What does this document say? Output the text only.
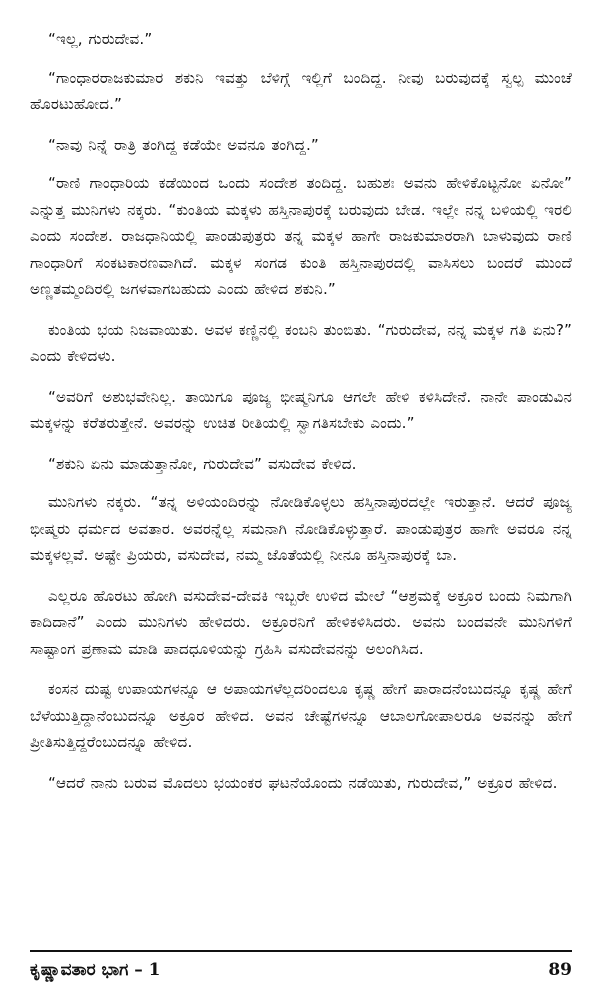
“ಇಲ್ಲ, ಗುರುದೇವ.”

“ಗಾಂಧಾರರಾಜಕುಮಾರ ಶಕುನಿ ಇವತ್ತು ಬೆಳಿಗ್ಗೆ ಇಲ್ಲಿಗೆ ಬಂದಿದ್ದ. ನೀವು ಬರುವುದಕ್ಕೆ ಸ್ವಲ್ಪ ಮುಂಚೆ ಹೊರಟುಹೋದ.”

“ನಾವು ನಿನ್ನೆ ರಾತ್ರಿ ತಂಗಿದ್ದ ಕಡೆಯೇ ಅವನೂ ತಂಗಿದ್ದ.”

“ರಾಣಿ ಗಾಂಧಾರಿಯ ಕಡೆಯಿಂದ ಒಂದು ಸಂದೇಶ ತಂದಿದ್ದ. ಬಹುಶಃ ಅವನು ಹೇಳಿಕೊಟ್ಟನೋ ಏನೋ” ಎನ್ನುತ್ತ ಮುನಿಗಳು ನಕ್ಕರು. “ಕುಂತಿಯ ಮಕ್ಕಳು ಹಸ್ತಿನಾಪುರಕ್ಕೆ ಬರುವುದು ಬೇಡ. ಇಲ್ಲೇ ನನ್ನ ಬಳಿಯಲ್ಲಿ ಇರಲಿ ಎಂದು ಸಂದೇಶ. ರಾಜಧಾನಿಯಲ್ಲಿ ಪಾಂಡುಪುತ್ರರು ತನ್ನ ಮಕ್ಕಳ ಹಾಗೇ ರಾಜಕುಮಾರರಾಗಿ ಬಾಳುವುದು ರಾಣಿ ಗಾಂಧಾರಿಗೆ ಸಂಕಟಕಾರಣವಾಗಿದೆ. ಮಕ್ಕಳ ಸಂಗಡ ಕುಂತಿ ಹಸ್ತಿನಾಪುರದಲ್ಲಿ ವಾಸಿಸಲು ಬಂದರೆ ಮುಂದೆ ಅಣ್ಣತಮ್ಮಂದಿರಲ್ಲಿ ಜಗಳವಾಗಬಹುದು ಎಂದು ಹೇಳಿದ ಶಕುನಿ.”

ಕುಂತಿಯ ಭಯ ನಿಜವಾಯಿತು. ಅವಳ ಕಣ್ಣಿನಲ್ಲಿ ಕಂಬನಿ ತುಂಬಿತು. “ಗುರುದೇವ, ನನ್ನ ಮಕ್ಕಳ ಗತಿ ಏನು?” ಎಂದು ಕೇಳಿದಳು.

“ಅವರಿಗೆ ಅಶುಭವೇನಿಲ್ಲ. ತಾಯಿಗೂ ಪೂಜ್ಯ ಭೀಷ್ಮನಿಗೂ ಆಗಲೇ ಹೇಳಿ ಕಳಿಸಿದೇನೆ. ನಾನೇ ಪಾಂಡುವಿನ ಮಕ್ಕಳನ್ನು ಕರೆತರುತ್ತೇನೆ. ಅವರನ್ನು ಉಚಿತ ರೀತಿಯಲ್ಲಿ ಸ್ವಾಗತಿಸಬೇಕು ಎಂದು.”

“ಶಕುನಿ ಏನು ಮಾಡುತ್ತಾನೋ, ಗುರುದೇವ” ವಸುದೇವ ಕೇಳಿದ.

ಮುನಿಗಳು ನಕ್ಕರು. “ತನ್ನ ಅಳಿಯಂದಿರನ್ನು ನೋಡಿಕೊಳ್ಳಲು ಹಸ್ತಿನಾಪುರದಲ್ಲೇ ಇರುತ್ತಾನೆ. ಆದರೆ ಪೂಜ್ಯ ಭೀಷ್ಮರು ಧರ್ಮದ ಅವತಾರ. ಅವರನ್ನೆಲ್ಲ ಸಮನಾಗಿ ನೋಡಿಕೊಳ್ಳುತ್ತಾರೆ. ಪಾಂಡುಪುತ್ರರ ಹಾಗೇ ಅವರೂ ನನ್ನ ಮಕ್ಕಳಲ್ಲವೆ. ಅಷ್ಟೇ ಪ್ರಿಯರು, ವಸುದೇವ, ನಮ್ಮ ಜೊತೆಯಲ್ಲಿ ನೀನೂ ಹಸ್ತಿನಾಪುರಕ್ಕೆ ಬಾ.

ಎಲ್ಲರೂ ಹೊರಟು ಹೋಗಿ ವಸುದೇವ-ದೇವಕಿ ಇಬ್ಬರೇ ಉಳಿದ ಮೇಲೆ “ಆಶ್ರಮಕ್ಕೆ ಅಕ್ರೂರ ಬಂದು ನಿಮಗಾಗಿ ಕಾದಿದಾನೆ” ಎಂದು ಮುನಿಗಳು ಹೇಳಿದರು. ಅಕ್ರೂರನಿಗೆ ಹೇಳಿಕಳಿಸಿದರು. ಅವನು ಬಂದವನೇ ಮುನಿಗಳಿಗೆ ಸಾಷ್ಟಾಂಗ ಪ್ರಣಾಮ ಮಾಡಿ ಪಾದಧೂಳಿಯನ್ನು ಗ್ರಹಿಸಿ ವಸುದೇವನನ್ನು ಅಲಂಗಿಸಿದ.

ಕಂಸನ ದುಷ್ಟ ಉಪಾಯಗಳನ್ನೂ ಆ ಅಪಾಯಗಳೆಲ್ಲದರಿಂದಲೂ ಕೃಷ್ಣ ಹೇಗೆ ಪಾರಾದನೆಂಬುದನ್ನೂ ಕೃಷ್ಣ ಹೇಗೆ ಬೆಳೆಯುತ್ತಿದ್ದಾನೆಂಬುದನ್ನೂ ಅಕ್ರೂರ ಹೇಳಿದ. ಅವನ ಚೇಷ್ಟೆಗಳನ್ನೂ ಆಬಾಲಗೋಪಾಲರೂ ಅವನನ್ನು ಹೇಗೆ ಪ್ರೀತಿಸುತ್ತಿದ್ದರೆಂಬುದನ್ನೂ ಹೇಳಿದ.

“ಆದರೆ ನಾನು ಬರುವ ಮೊದಲು ಭಯಂಕರ ಘಟನೆಯೊಂದು ನಡೆಯಿತು, ಗುರುದೇವ,” ಅಕ್ರೂರ ಹೇಳಿದ.

ಕೃಷ್ಣಾವತಾರ ಭಾಗ – 1	89
